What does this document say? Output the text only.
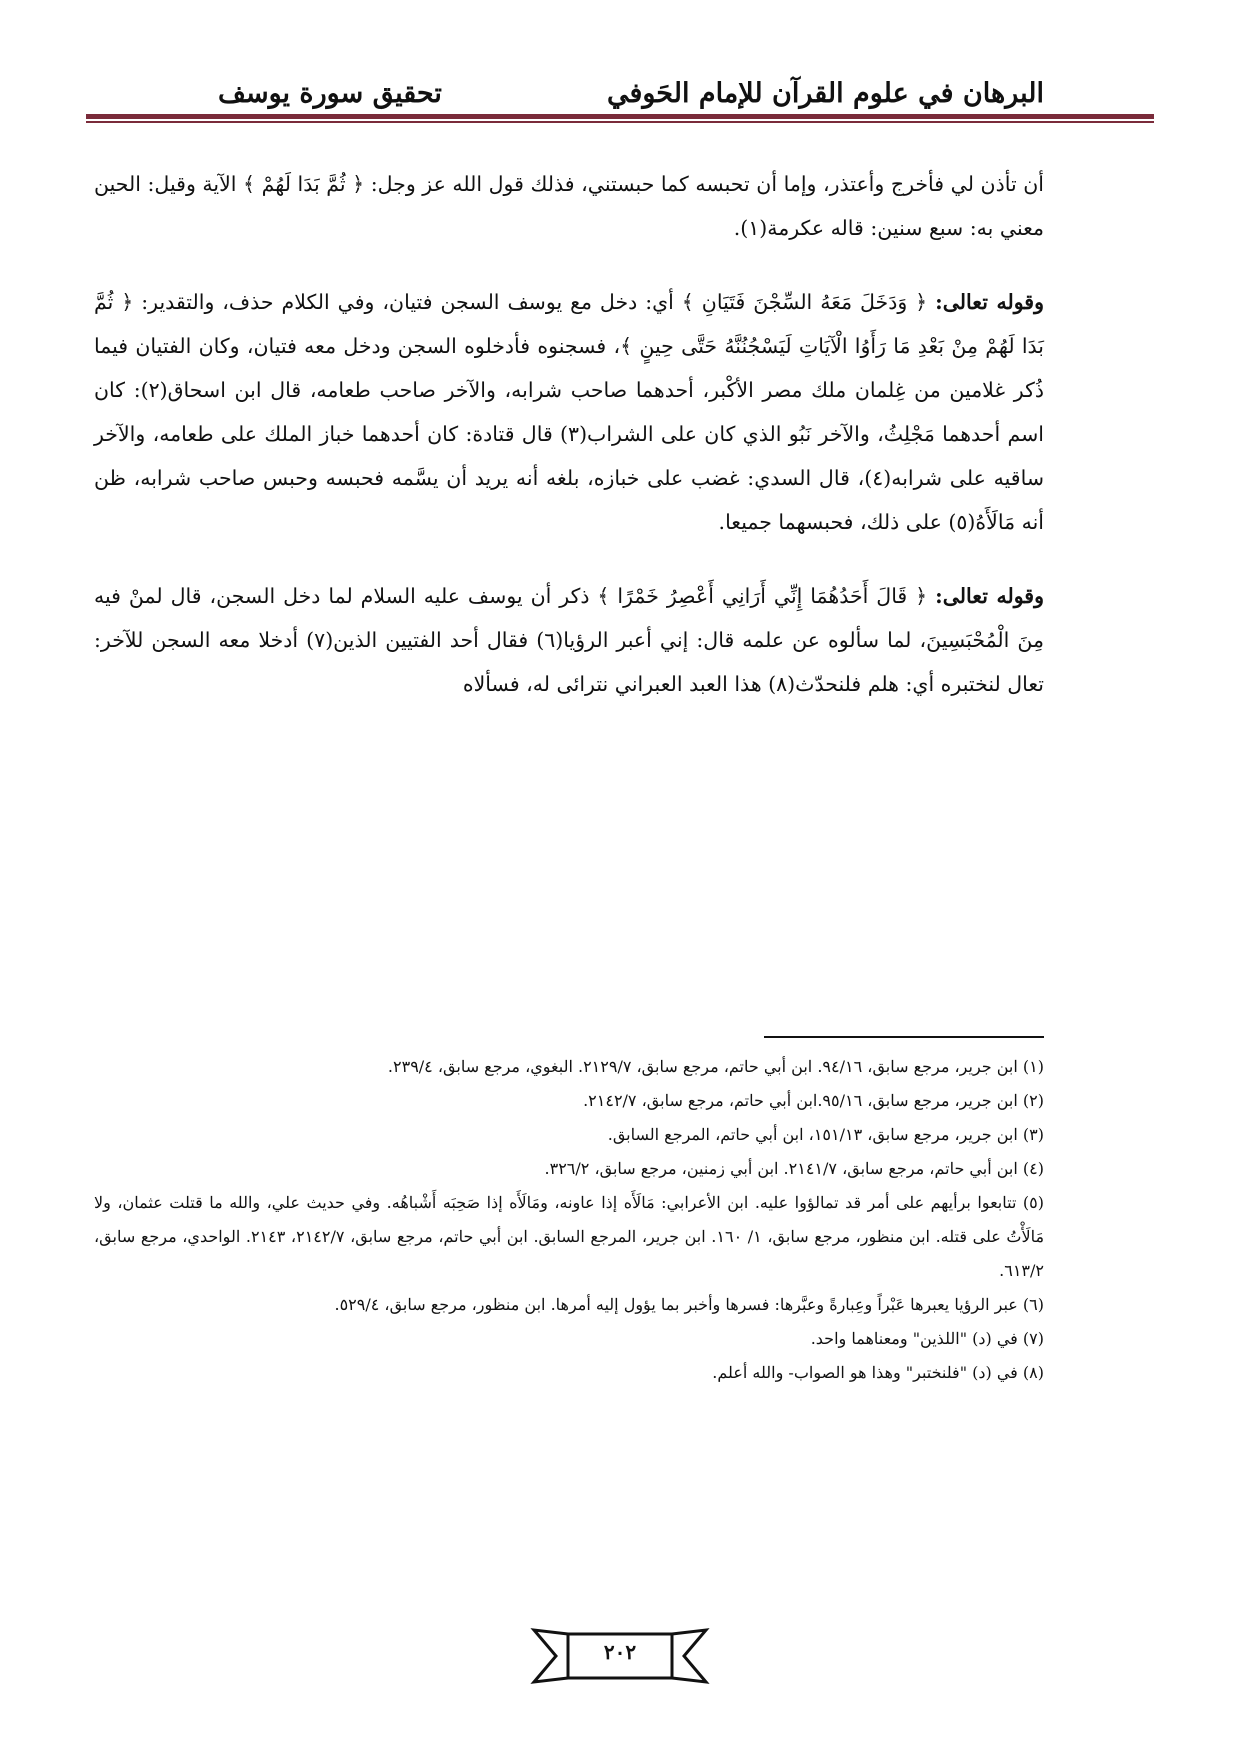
البرهان في علوم القرآن للإمام الحَوفي
تحقيق سورة يوسف

أن تأذن لي فأخرج وأعتذر، وإما أن تحبسه كما حبستني، فذلك قول الله عز وجل: ﴿ ثُمَّ بَدَا لَهُمْ ﴾ الآية وقيل: الحين معني به: سبع سنين: قاله عكرمة(١).

وقوله تعالى: ﴿ وَدَخَلَ مَعَهُ السِّجْنَ فَتَيَانِ ﴾ أي: دخل مع يوسف السجن فتيان، وفي الكلام حذف، والتقدير: ﴿ ثُمَّ بَدَا لَهُمْ مِنْ بَعْدِ مَا رَأَوُا الْآيَاتِ لَيَسْجُنُنَّهُ حَتَّى حِينٍ ﴾، فسجنوه فأدخلوه السجن ودخل معه فتيان، وكان الفتيان فيما ذُكر غلامين من غِلمان ملك مصر الأكْبر، أحدهما صاحب شرابه، والآخر صاحب طعامه، قال ابن اسحاق(٢): كان اسم أحدهما مَجْلِثُ، والآخر نَبُو الذي كان على الشراب(٣) قال قتادة: كان أحدهما خباز الملك على طعامه، والآخر ساقيه على شرابه(٤)، قال السدي: غضب على خبازه، بلغه أنه يريد أن يسَّمه فحبسه وحبس صاحب شرابه، ظن أنه مَالَأَهُ(٥) على ذلك، فحبسهما جميعا.

وقوله تعالى: ﴿ قَالَ أَحَدُهُمَا إِنِّي أَرَانِي أَعْصِرُ خَمْرًا ﴾ ذكر أن يوسف عليه السلام لما دخل السجن، قال لمنْ فيه مِنَ الْمُحْبَسِينَ، لما سألوه عن علمه قال: إني أعبر الرؤيا(٦) فقال أحد الفتيين الذين(٧) أدخلا معه السجن للآخر: تعال لنختبره أي: هلم فلنحدّث(٨) هذا العبد العبراني نترائى له، فسألاه

(١) ابن جرير، مرجع سابق، ٩٤/١٦. ابن أبي حاتم، مرجع سابق، ٢١٢٩/٧. البغوي، مرجع سابق، ٢٣٩/٤.
(٢) ابن جرير، مرجع سابق، ٩٥/١٦.ابن أبي حاتم، مرجع سابق، ٢١٤٢/٧.
(٣) ابن جرير، مرجع سابق، ١٥١/١٣، ابن أبي حاتم، المرجع السابق.
(٤) ابن أبي حاتم، مرجع سابق، ٢١٤١/٧. ابن أبي زمنين، مرجع سابق، ٣٢٦/٢.
(٥) تتابعوا برأيهم على أمر قد تمالؤوا عليه. ابن الأعرابي: مَالَأَه إذا عاونه، ومَالَأَه إذا صَحِبَه أَشْباهُه. وفي حديث علي، والله ما قتلت عثمان، ولا مَالَأْتُ على قتله. ابن منظور، مرجع سابق، ١/ ١٦٠. ابن جرير، المرجع السابق. ابن أبي حاتم، مرجع سابق، ٢١٤٢/٧، ٢١٤٣. الواحدي، مرجع سابق، ٦١٣/٢.
(٦) عبر الرؤيا يعبرها عَبْراً وعِبارةً وعبَّرها: فسرها وأخبر بما يؤول إليه أمرها. ابن منظور، مرجع سابق، ٥٢٩/٤.
(٧) في (د) "اللذين" ومعناهما واحد.
(٨) في (د) "فلنختبر" وهذا هو الصواب- والله أعلم.
٢٠٢
